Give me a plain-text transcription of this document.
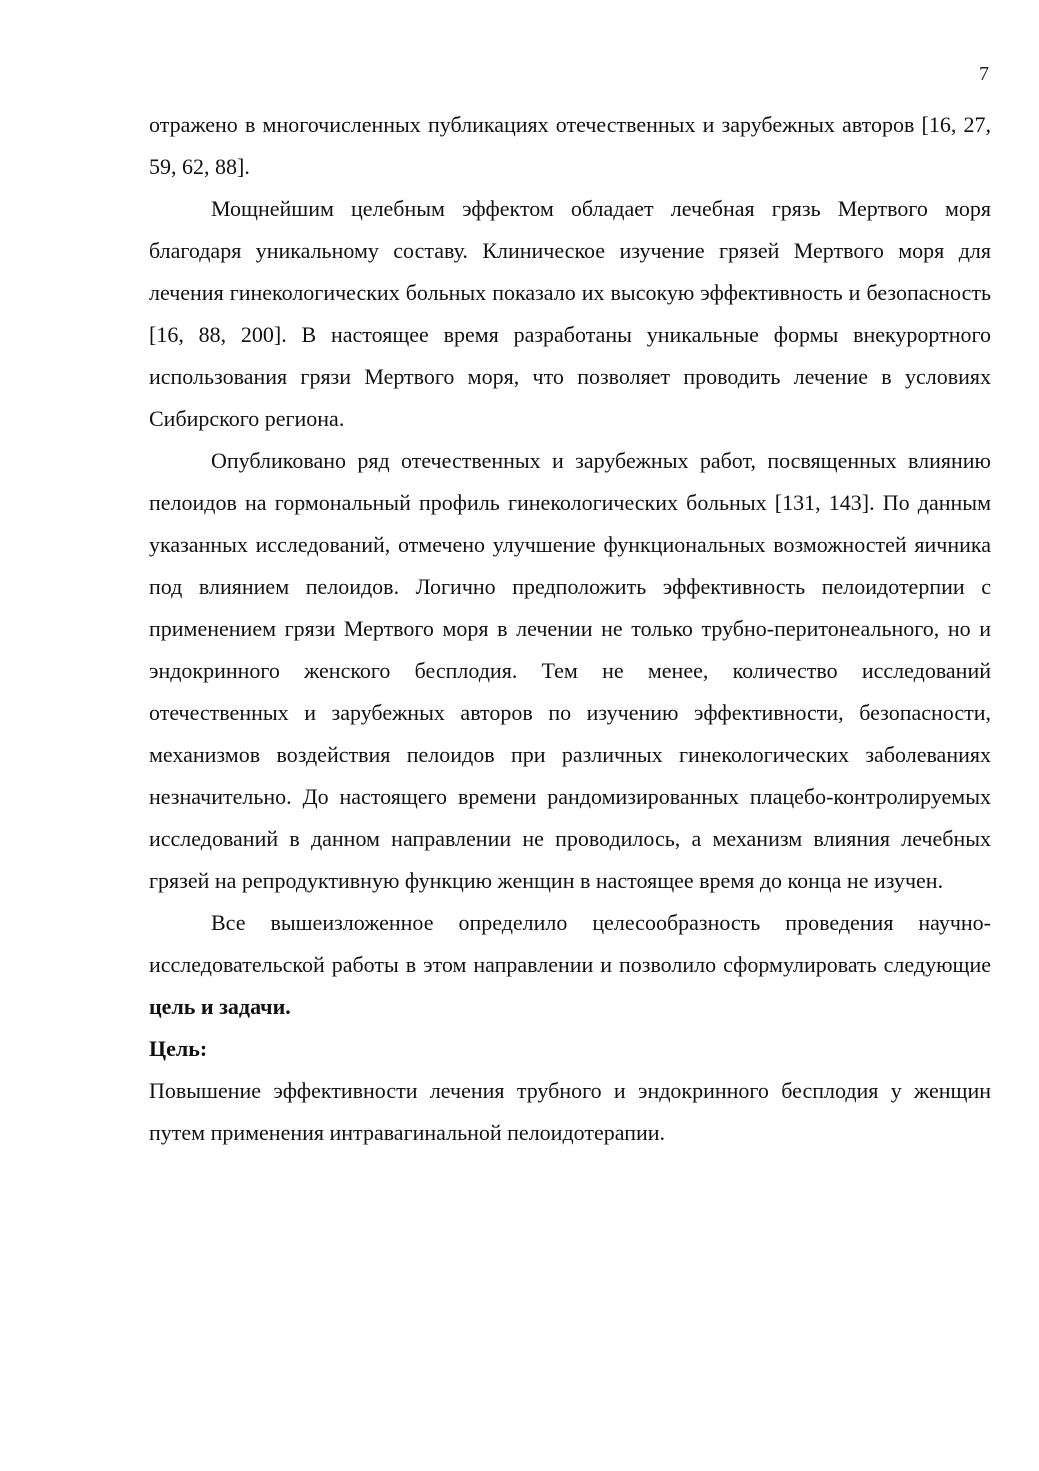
7

отражено в многочисленных публикациях отечественных и зарубежных авторов [16, 27, 59, 62, 88].

Мощнейшим целебным эффектом обладает лечебная грязь Мертвого моря благодаря уникальному составу. Клиническое изучение грязей Мертвого моря для лечения гинекологических больных показало их высокую эффективность и безопасность [16, 88, 200]. В настоящее время разработаны уникальные формы внекурортного использования грязи Мертвого моря, что позволяет проводить лечение в условиях Сибирского региона.

Опубликовано ряд отечественных и зарубежных работ, посвященных влиянию пелоидов на гормональный профиль гинекологических больных [131, 143]. По данным указанных исследований, отмечено улучшение функциональных возможностей яичника под влиянием пелоидов. Логично предположить эффективность пелоидотерпии с применением грязи Мертвого моря в лечении не только трубно-перитонеального, но и эндокринного женского бесплодия. Тем не менее, количество исследований отечественных и зарубежных авторов по изучению эффективности, безопасности, механизмов воздействия пелоидов при различных гинекологических заболеваниях незначительно. До настоящего времени рандомизированных плацебо-контролируемых исследований в данном направлении не проводилось, а механизм влияния лечебных грязей на репродуктивную функцию женщин в настоящее время до конца не изучен.

Все вышеизложенное определило целесообразность проведения научно-исследовательской работы в этом направлении и позволило сформулировать следующие цель и задачи.

Цель:

Повышение эффективности лечения трубного и эндокринного бесплодия у женщин путем применения интравагинальной пелоидотерапии.
